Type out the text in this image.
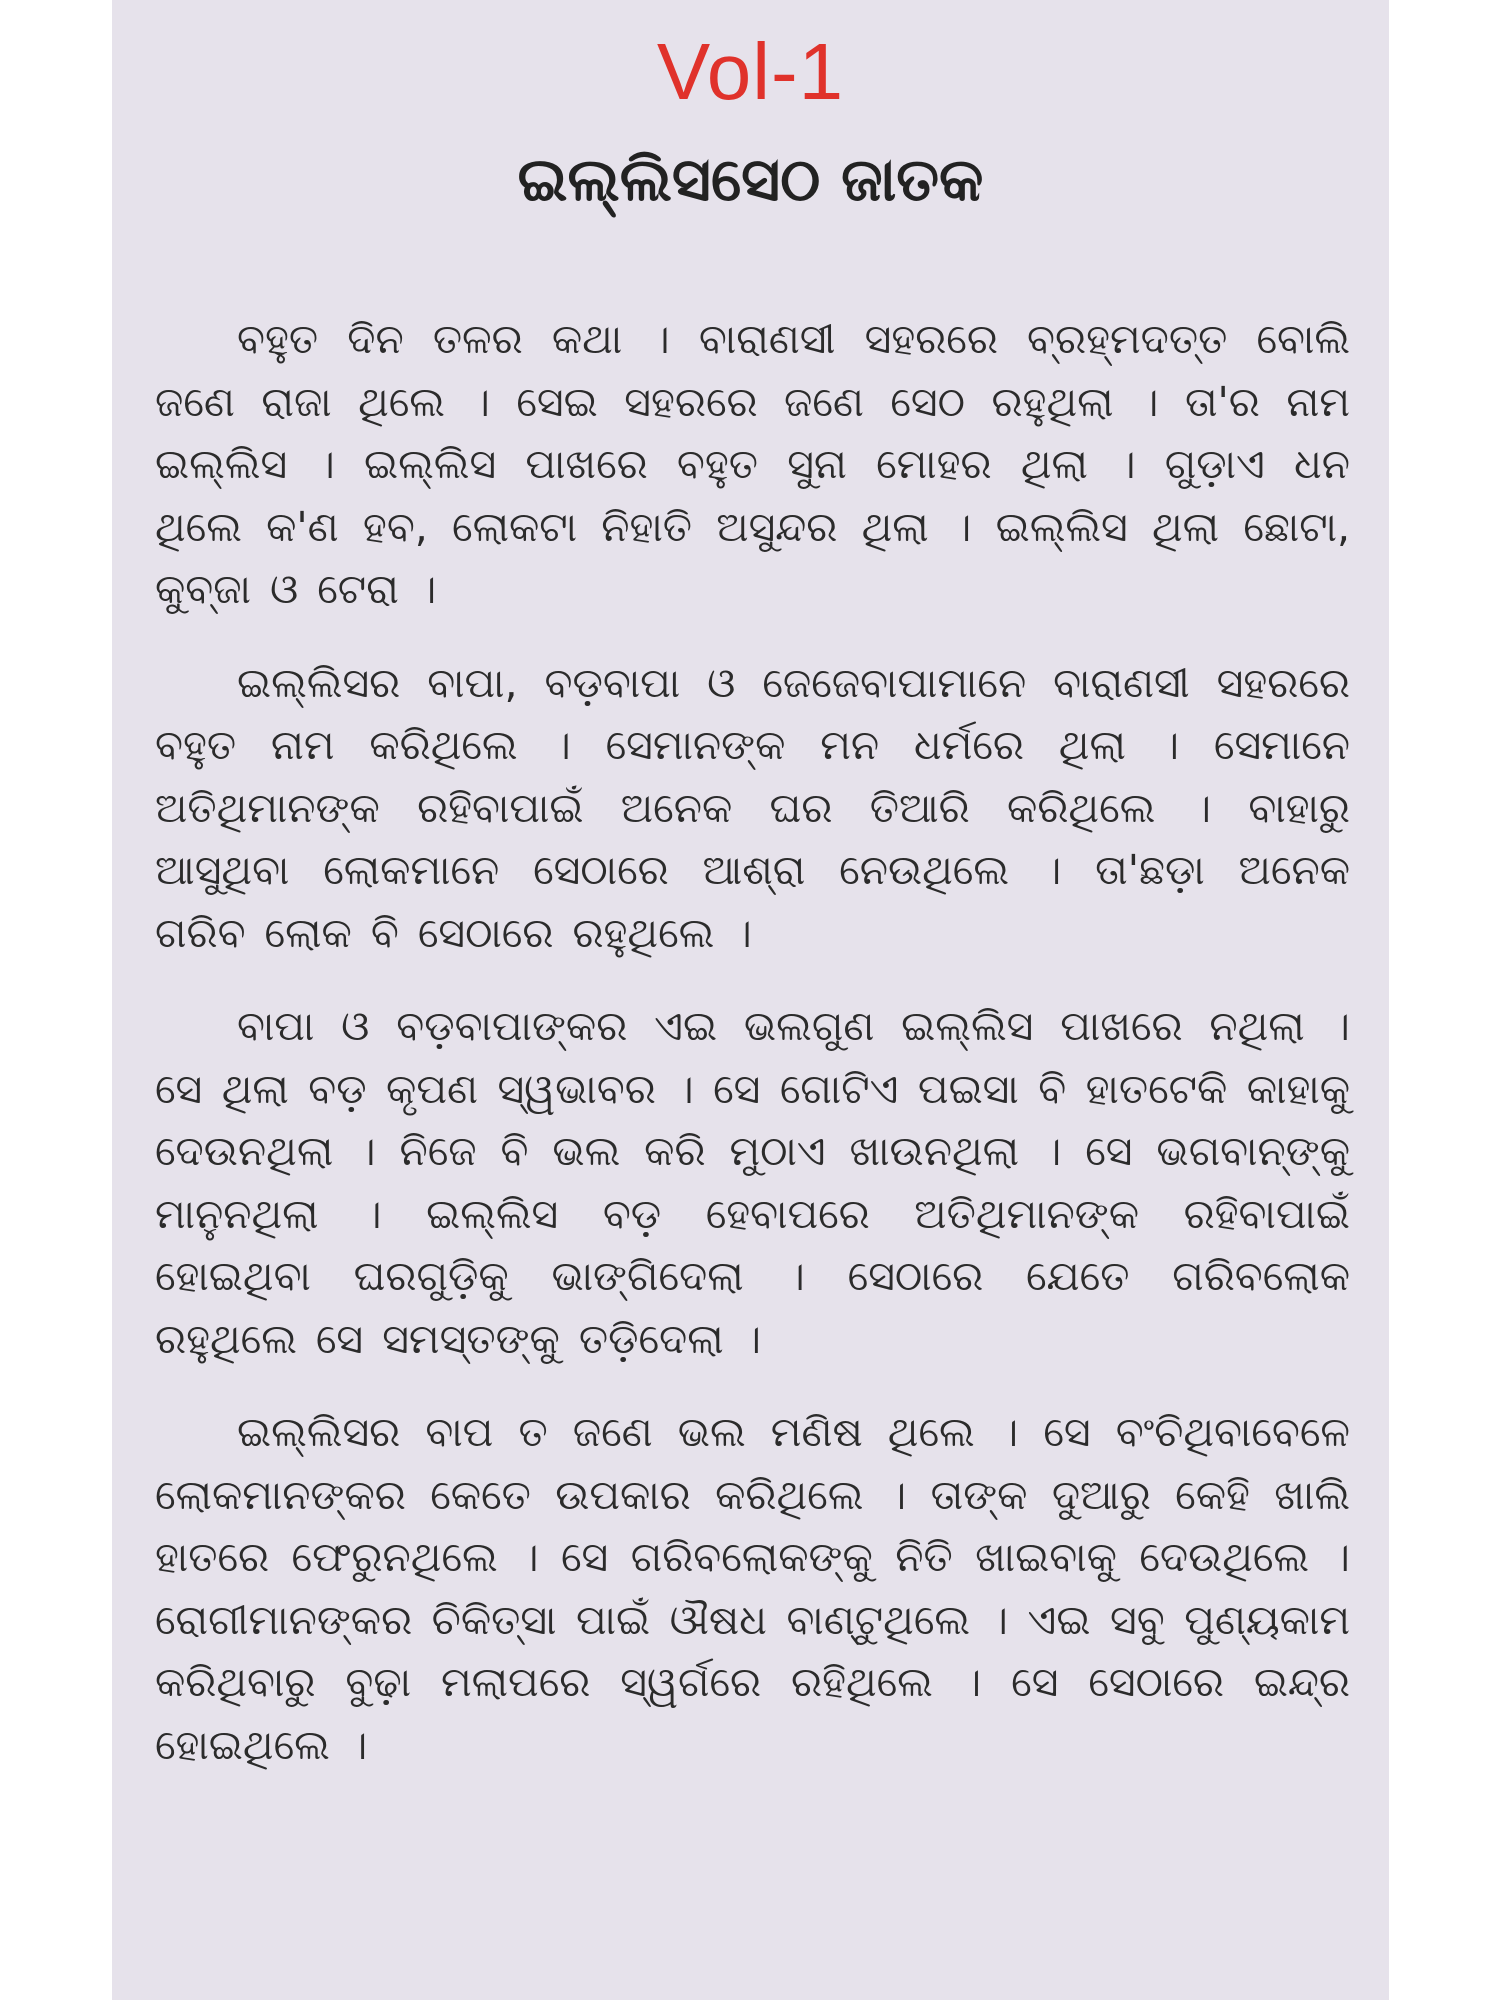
Vol-1
ଇଲ୍ଲିସସେଠ ଜାତକ

ବହୁତ ଦିନ ତଳର କଥା । ବାରାଣସୀ ସହରରେ ବ୍ରହ୍ମଦତ୍ତ ବୋଲି ଜଣେ ରାଜା ଥିଲେ । ସେଇ ସହରରେ ଜଣେ ସେଠ ରହୁଥିଲା । ତା'ର ନାମ ଇଲ୍ଲିସ । ଇଲ୍ଲିସ ପାଖରେ ବହୁତ ସୁନା ମୋହର ଥିଲା । ଗୁଡ଼ାଏ ଧନ ଥିଲେ କ'ଣ ହବ, ଲୋକଟା ନିହାତି ଅସୁନ୍ଦର ଥିଲା । ଇଲ୍ଲିସ ଥିଲା ଛୋଟା, କୁବ୍‌ଜା ଓ ଟେରା ।

ଇଲ୍ଲିସର ବାପା, ବଡ଼ବାପା ଓ ଜେଜେବାପାମାନେ ବାରାଣସୀ ସହରରେ ବହୁତ ନାମ କରିଥିଲେ । ସେମାନଙ୍କ ମନ ଧର୍ମରେ ଥିଲା । ସେମାନେ ଅତିଥିମାନଙ୍କ ରହିବାପାଇଁ ଅନେକ ଘର ତିଆରି କରିଥିଲେ । ବାହାରୁ ଆସୁଥିବା ଲୋକମାନେ ସେଠାରେ ଆଶ୍ରା ନେଉଥିଲେ । ତା'ଛଡ଼ା ଅନେକ ଗରିବ ଲୋକ ବି ସେଠାରେ ରହୁଥିଲେ ।

ବାପା ଓ ବଡ଼ବାପାଙ୍କର ଏଇ ଭଲଗୁଣ ଇଲ୍ଲିସ ପାଖରେ ନଥିଲା । ସେ ଥିଲା ବଡ଼ କୃପଣ ସ୍ୱଭାବର । ସେ ଗୋଟିଏ ପଇସା ବି ହାତଟେକି କାହାକୁ ଦେଉନଥିଲା । ନିଜେ ବି ଭଲ କରି ମୁଠାଏ ଖାଉନଥିଲା । ସେ ଭଗବାନ୍‌ଙ୍କୁ ମାନୁନଥିଲା । ଇଲ୍ଲିସ ବଡ଼ ହେବାପରେ ଅତିଥିମାନଙ୍କ ରହିବାପାଇଁ ହୋଇଥିବା ଘରଗୁଡ଼ିକୁ ଭାଙ୍ଗିଦେଲା । ସେଠାରେ ଯେତେ ଗରିବଲୋକ ରହୁଥିଲେ ସେ ସମସ୍ତଙ୍କୁ ତଡ଼ିଦେଲା ।

ଇଲ୍ଲିସର ବାପ ତ ଜଣେ ଭଲ ମଣିଷ ଥିଲେ । ସେ ବଂଚିଥିବାବେଳେ ଲୋକମାନଙ୍କର କେତେ ଉପକାର କରିଥିଲେ । ତାଙ୍କ ଦୁଆରୁ କେହି ଖାଲି ହାତରେ ଫେରୁନଥିଲେ । ସେ ଗରିବଲୋକଙ୍କୁ ନିତି ଖାଇବାକୁ ଦେଉଥିଲେ । ରୋଗୀମାନଙ୍କର ଚିକିତ୍ସା ପାଇଁ ଔଷଧ ବାଣ୍ଟୁଥିଲେ । ଏଇ ସବୁ ପୁଣ୍ୟକାମ କରିଥିବାରୁ ବୁଢ଼ା ମଲାପରେ ସ୍ୱର୍ଗରେ ରହିଥିଲେ । ସେ ସେଠାରେ ଇନ୍ଦ୍ର ହୋଇଥିଲେ ।
